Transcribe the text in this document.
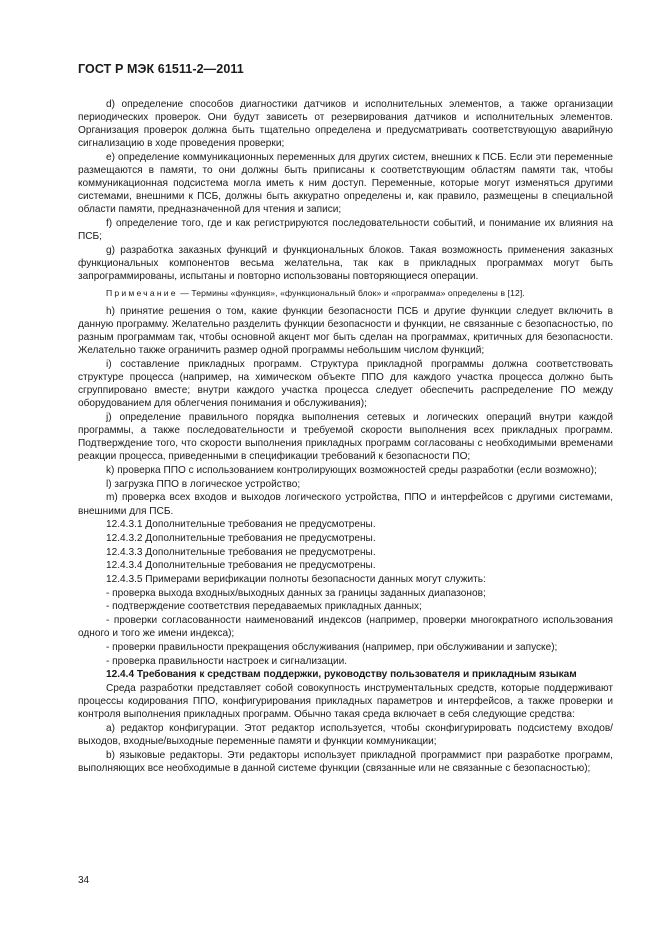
ГОСТ Р МЭК 61511-2—2011

d) определение способов диагностики датчиков и исполнительных элементов, а также организации периодических проверок. Они будут зависеть от резервирования датчиков и исполнительных элементов. Организация проверок должна быть тщательно определена и предусматривать соответствующую аварийную сигнализацию в ходе проведения проверки;

e) определение коммуникационных переменных для других систем, внешних к ПСБ. Если эти переменные размещаются в памяти, то они должны быть приписаны к соответствующим областям памяти так, чтобы коммуникационная подсистема могла иметь к ним доступ. Переменные, которые могут изменяться другими системами, внешними к ПСБ, должны быть аккуратно определены и, как правило, размещены в специальной области памяти, предназначенной для чтения и записи;

f) определение того, где и как регистрируются последовательности событий, и понимание их влияния на ПСБ;

g) разработка заказных функций и функциональных блоков. Такая возможность применения заказных функциональных компонентов весьма желательна, так как в прикладных программах могут быть запрограммированы, испытаны и повторно использованы повторяющиеся операции.

Примечание — Термины «функция», «функциональный блок» и «программа» определены в [12].

h) принятие решения о том, какие функции безопасности ПСБ и другие функции следует включить в данную программу. Желательно разделить функции безопасности и функции, не связанные с безопасностью, по разным программам так, чтобы основной акцент мог быть сделан на программах, критичных для безопасности. Желательно также ограничить размер одной программы небольшим числом функций;

i) составление прикладных программ. Структура прикладной программы должна соответствовать структуре процесса (например, на химическом объекте ППО для каждого участка процесса должно быть сгруппировано вместе; внутри каждого участка процесса следует обеспечить распределение ПО между оборудованием для облегчения понимания и обслуживания);

j) определение правильного порядка выполнения сетевых и логических операций внутри каждой программы, а также последовательности и требуемой скорости выполнения всех прикладных программ. Подтверждение того, что скорости выполнения прикладных программ согласованы с необходимыми временами реакции процесса, приведенными в спецификации требований к безопасности ПО;

k) проверка ППО с использованием контролирующих возможностей среды разработки (если возможно);

l) загрузка ППО в логическое устройство;

m) проверка всех входов и выходов логического устройства, ППО и интерфейсов с другими системами, внешними для ПСБ.

12.4.3.1 Дополнительные требования не предусмотрены.

12.4.3.2 Дополнительные требования не предусмотрены.

12.4.3.3 Дополнительные требования не предусмотрены.

12.4.3.4 Дополнительные требования не предусмотрены.

12.4.3.5 Примерами верификации полноты безопасности данных могут служить:

- проверка выхода входных/выходных данных за границы заданных диапазонов;

- подтверждение соответствия передаваемых прикладных данных;

- проверки согласованности наименований индексов (например, проверки многократного использования одного и того же имени индекса);

- проверки правильности прекращения обслуживания (например, при обслуживании и запуске);

- проверка правильности настроек и сигнализации.

12.4.4 Требования к средствам поддержки, руководству пользователя и прикладным языкам

Среда разработки представляет собой совокупность инструментальных средств, которые поддерживают процессы кодирования ППО, конфигурирования прикладных параметров и интерфейсов, а также проверки и контроля выполнения прикладных программ. Обычно такая среда включает в себя следующие средства:

a) редактор конфигурации. Этот редактор используется, чтобы сконфигурировать подсистему входов/выходов, входные/выходные переменные памяти и функции коммуникации;

b) языковые редакторы. Эти редакторы использует прикладной программист при разработке программ, выполняющих все необходимые в данной системе функции (связанные или не связанные с безопасностью);

34
